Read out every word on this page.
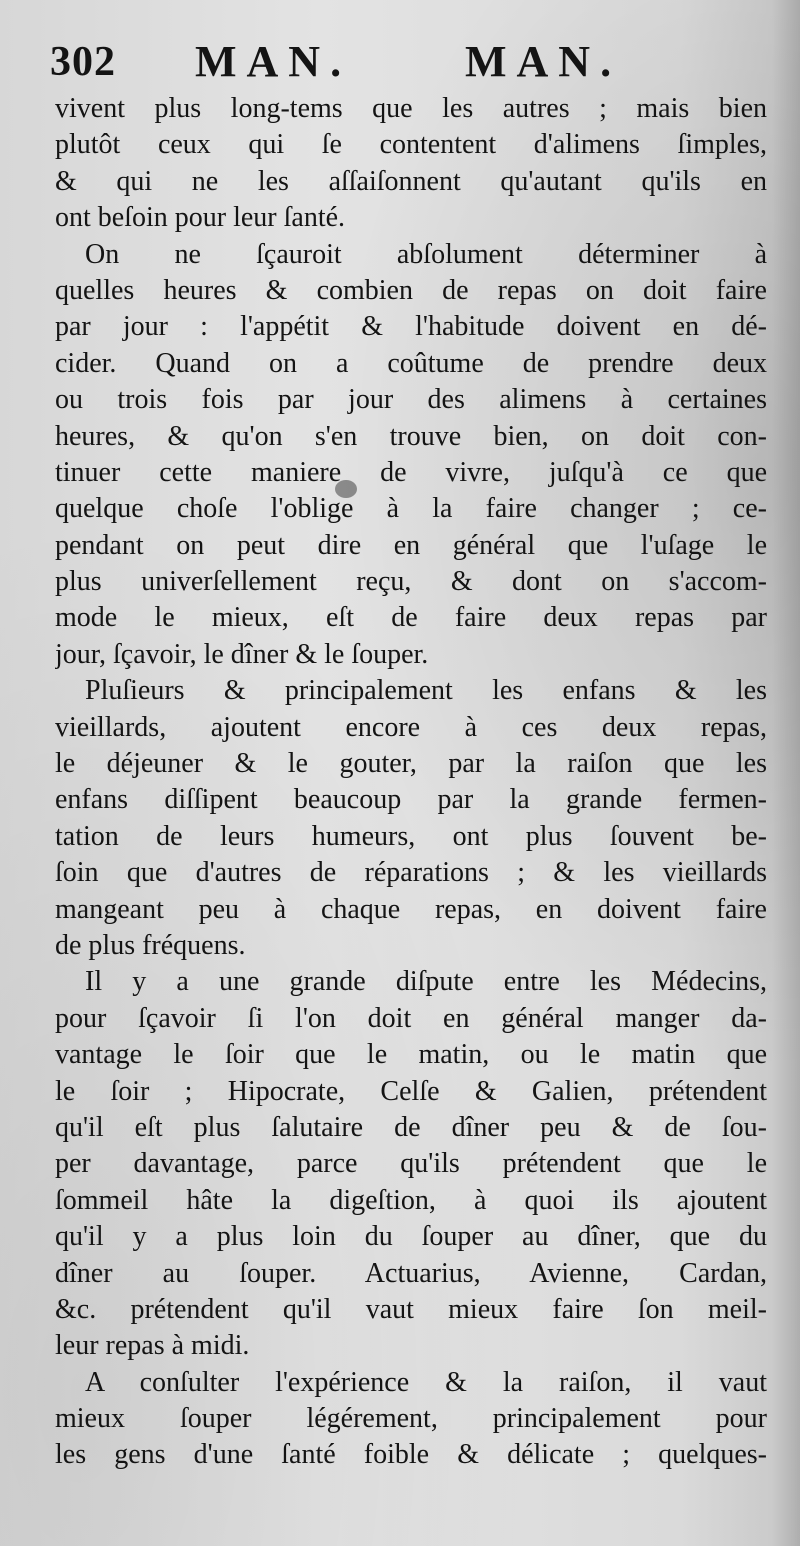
302 MAN.	MAN.
vivent plus long-tems que les autres ; mais bien
plutôt ceux qui ſe contentent d'alimens ſimples,
& qui ne les aſſaiſonnent qu'autant qu'ils en
ont beſoin pour leur ſanté.
On ne ſçauroit abſolument déterminer à
quelles heures & combien de repas on doit faire
par jour : l'appétit & l'habitude doivent en dé-
cider. Quand on a coûtume de prendre deux
ou trois fois par jour des alimens à certaines
heures, & qu'on s'en trouve bien, on doit con-
tinuer cette maniere de vivre, juſqu'à ce que
quelque choſe l'oblige à la faire changer ; ce-
pendant on peut dire en général que l'uſage le
plus univerſellement reçu, & dont on s'accom-
mode le mieux, eſt de faire deux repas par
jour, ſçavoir, le dîner & le ſouper.
Pluſieurs & principalement les enfans & les
vieillards, ajoutent encore à ces deux repas,
le déjeuner & le gouter, par la raiſon que les
enfans diſſipent beaucoup par la grande fermen-
tation de leurs humeurs, ont plus ſouvent be-
ſoin que d'autres de réparations ; & les vieillards
mangeant peu à chaque repas, en doivent faire
de plus fréquens.
Il y a une grande diſpute entre les Médecins,
pour ſçavoir ſi l'on doit en général manger da-
vantage le ſoir que le matin, ou le matin que
le ſoir ; Hipocrate, Celſe & Galien, prétendent
qu'il eſt plus ſalutaire de dîner peu & de ſou-
per davantage, parce qu'ils prétendent que le
ſommeil hâte la digeſtion, à quoi ils ajoutent
qu'il y a plus loin du ſouper au dîner, que du
dîner au ſouper. Actuarius, Avienne, Cardan,
&c. prétendent qu'il vaut mieux faire ſon meil-
leur repas à midi.
A conſulter l'expérience & la raiſon, il vaut
mieux ſouper légérement, principalement pour
les gens d'une ſanté foible & délicate ; quelques-
